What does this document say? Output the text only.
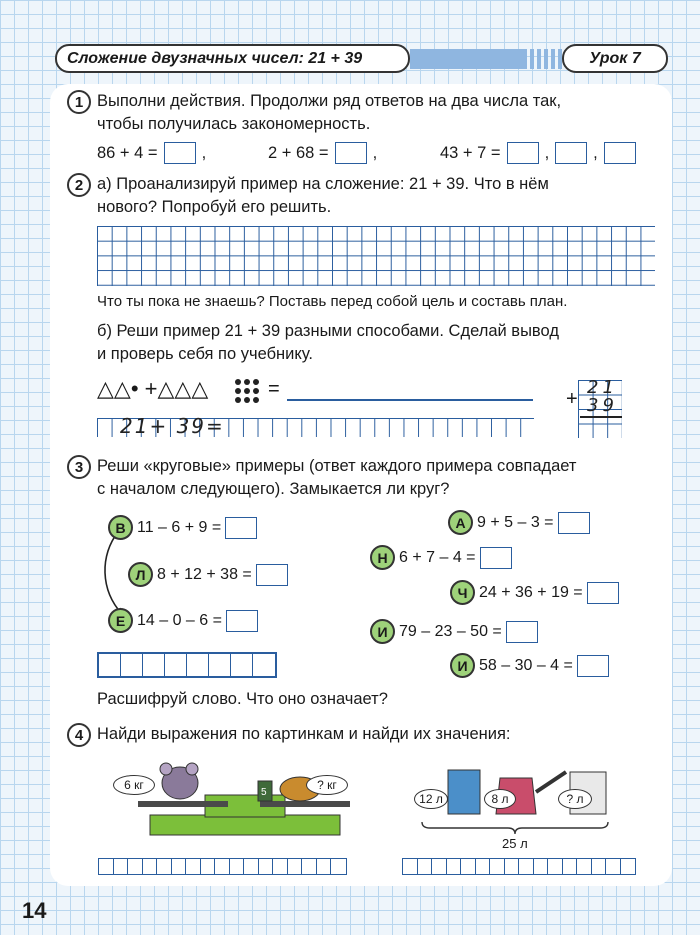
Сложение двузначных чисел: 21 + 39	Урок 7
1 Выполни действия. Продолжи ряд ответов на два числа так,
чтобы получилась закономерность.
86 + 4 =	,	2 + 68 =	,	43 + 7 =	,	,
2 а) Проанализируй пример на сложение: 21 + 39. Что в нём
нового? Попробуй его решить.
Что ты пока не знаешь? Поставь перед собой цель и составь план.
б) Реши пример 21 + 39 разными способами. Сделай вывод
и проверь себя по учебнику.
△△• +△△△	=
21+ 39=
+
21
39
3 Реши «круговые» примеры (ответ каждого примера совпадает
с началом следующего). Замыкается ли круг?
В 11 – 6 + 9 =
Л 8 + 12 + 38 =
Е 14 – 0 – 6 =
А 9 + 5 – 3 =
Н 6 + 7 – 4 =
Ч 24 + 36 + 19 =
И 79 – 23 – 50 =
И 58 – 30 – 4 =
Расшифруй слово. Что оно означает?
4 Найди выражения по картинкам и найди их значения:
6 кг	? кг
5	12 л	8 л	? л
25 л
14
